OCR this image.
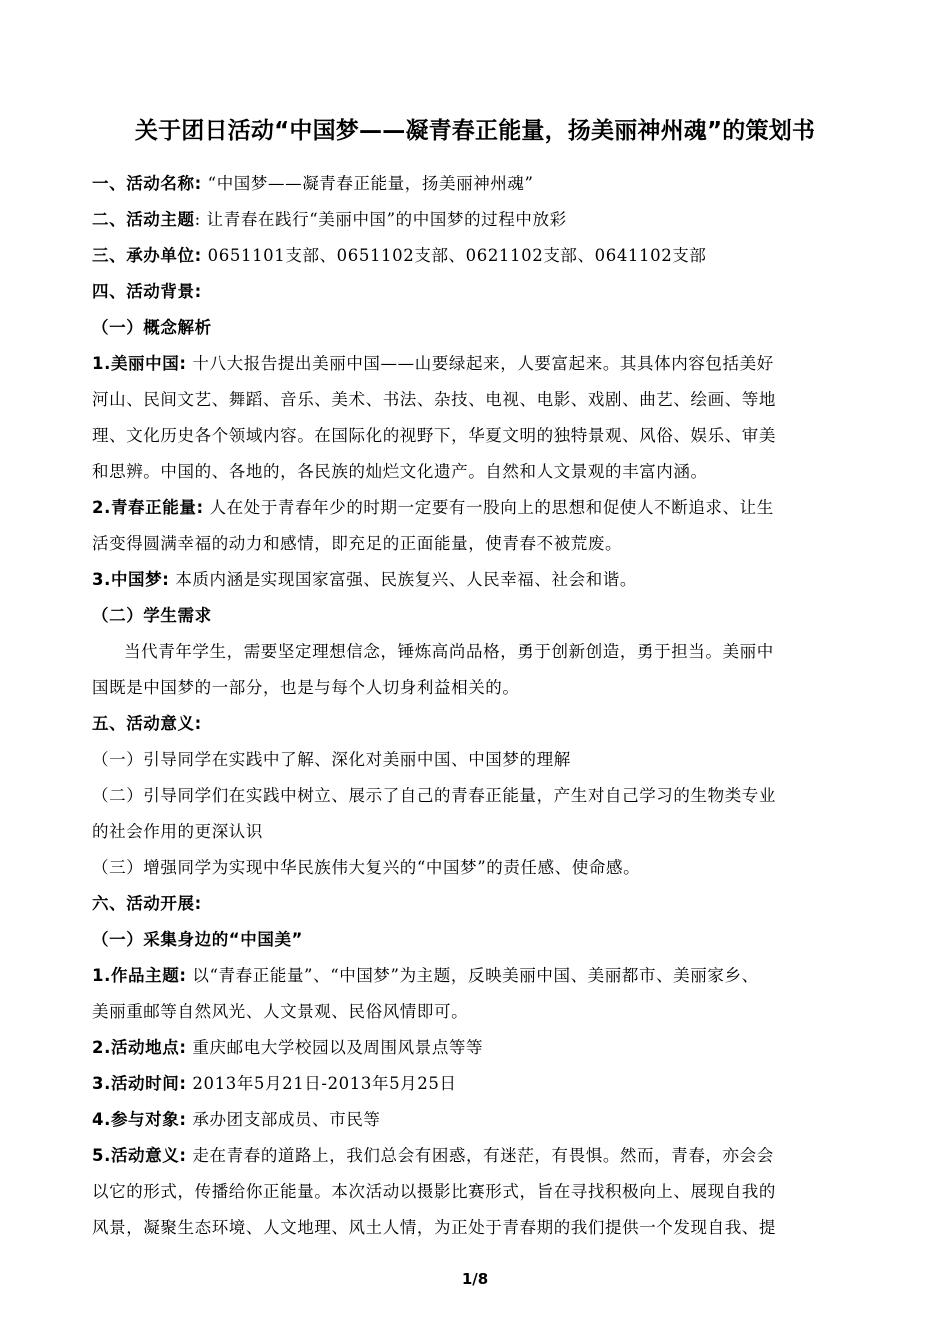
关于团日活动“中国梦——凝青春正能量，扬美丽神州魂”的策划书
一、活动名称: “中国梦——凝青春正能量，扬美丽神州魂”
二、活动主题: 让青春在践行“美丽中国”的中国梦的过程中放彩
三、承办单位: 0651101支部、0651102支部、0621102支部、0641102支部
四、活动背景:
（一）概念解析
1.美丽中国: 十八大报告提出美丽中国——山要绿起来，人要富起来。其具体内容包括美好
河山、民间文艺、舞蹈、音乐、美术、书法、杂技、电视、电影、戏剧、曲艺、绘画、等地
理、文化历史各个领域内容。在国际化的视野下，华夏文明的独特景观、风俗、娱乐、审美
和思辨。中国的、各地的，各民族的灿烂文化遗产。自然和人文景观的丰富内涵。
2.青春正能量: 人在处于青春年少的时期一定要有一股向上的思想和促使人不断追求、让生
活变得圆满幸福的动力和感情，即充足的正面能量，使青春不被荒废。
3.中国梦: 本质内涵是实现国家富强、民族复兴、人民幸福、社会和谐。
（二）学生需求
当代青年学生，需要坚定理想信念，锤炼高尚品格，勇于创新创造，勇于担当。美丽中
国既是中国梦的一部分，也是与每个人切身利益相关的。
五、活动意义:
（一）引导同学在实践中了解、深化对美丽中国、中国梦的理解
（二）引导同学们在实践中树立、展示了自己的青春正能量，产生对自己学习的生物类专业
的社会作用的更深认识
（三）增强同学为实现中华民族伟大复兴的“中国梦”的责任感、使命感。
六、活动开展:
（一）采集身边的“中国美”
1.作品主题: 以“青春正能量”、“中国梦”为主题，反映美丽中国、美丽都市、美丽家乡、
美丽重邮等自然风光、人文景观、民俗风情即可。
2.活动地点: 重庆邮电大学校园以及周围风景点等等
3.活动时间: 2013年5月21日-2013年5月25日
4.参与对象: 承办团支部成员、市民等
5.活动意义: 走在青春的道路上，我们总会有困惑，有迷茫，有畏惧。然而，青春，亦会会
以它的形式，传播给你正能量。本次活动以摄影比赛形式，旨在寻找积极向上、展现自我的
风景，凝聚生态环境、人文地理、风土人情，为正处于青春期的我们提供一个发现自我、提
1/8
